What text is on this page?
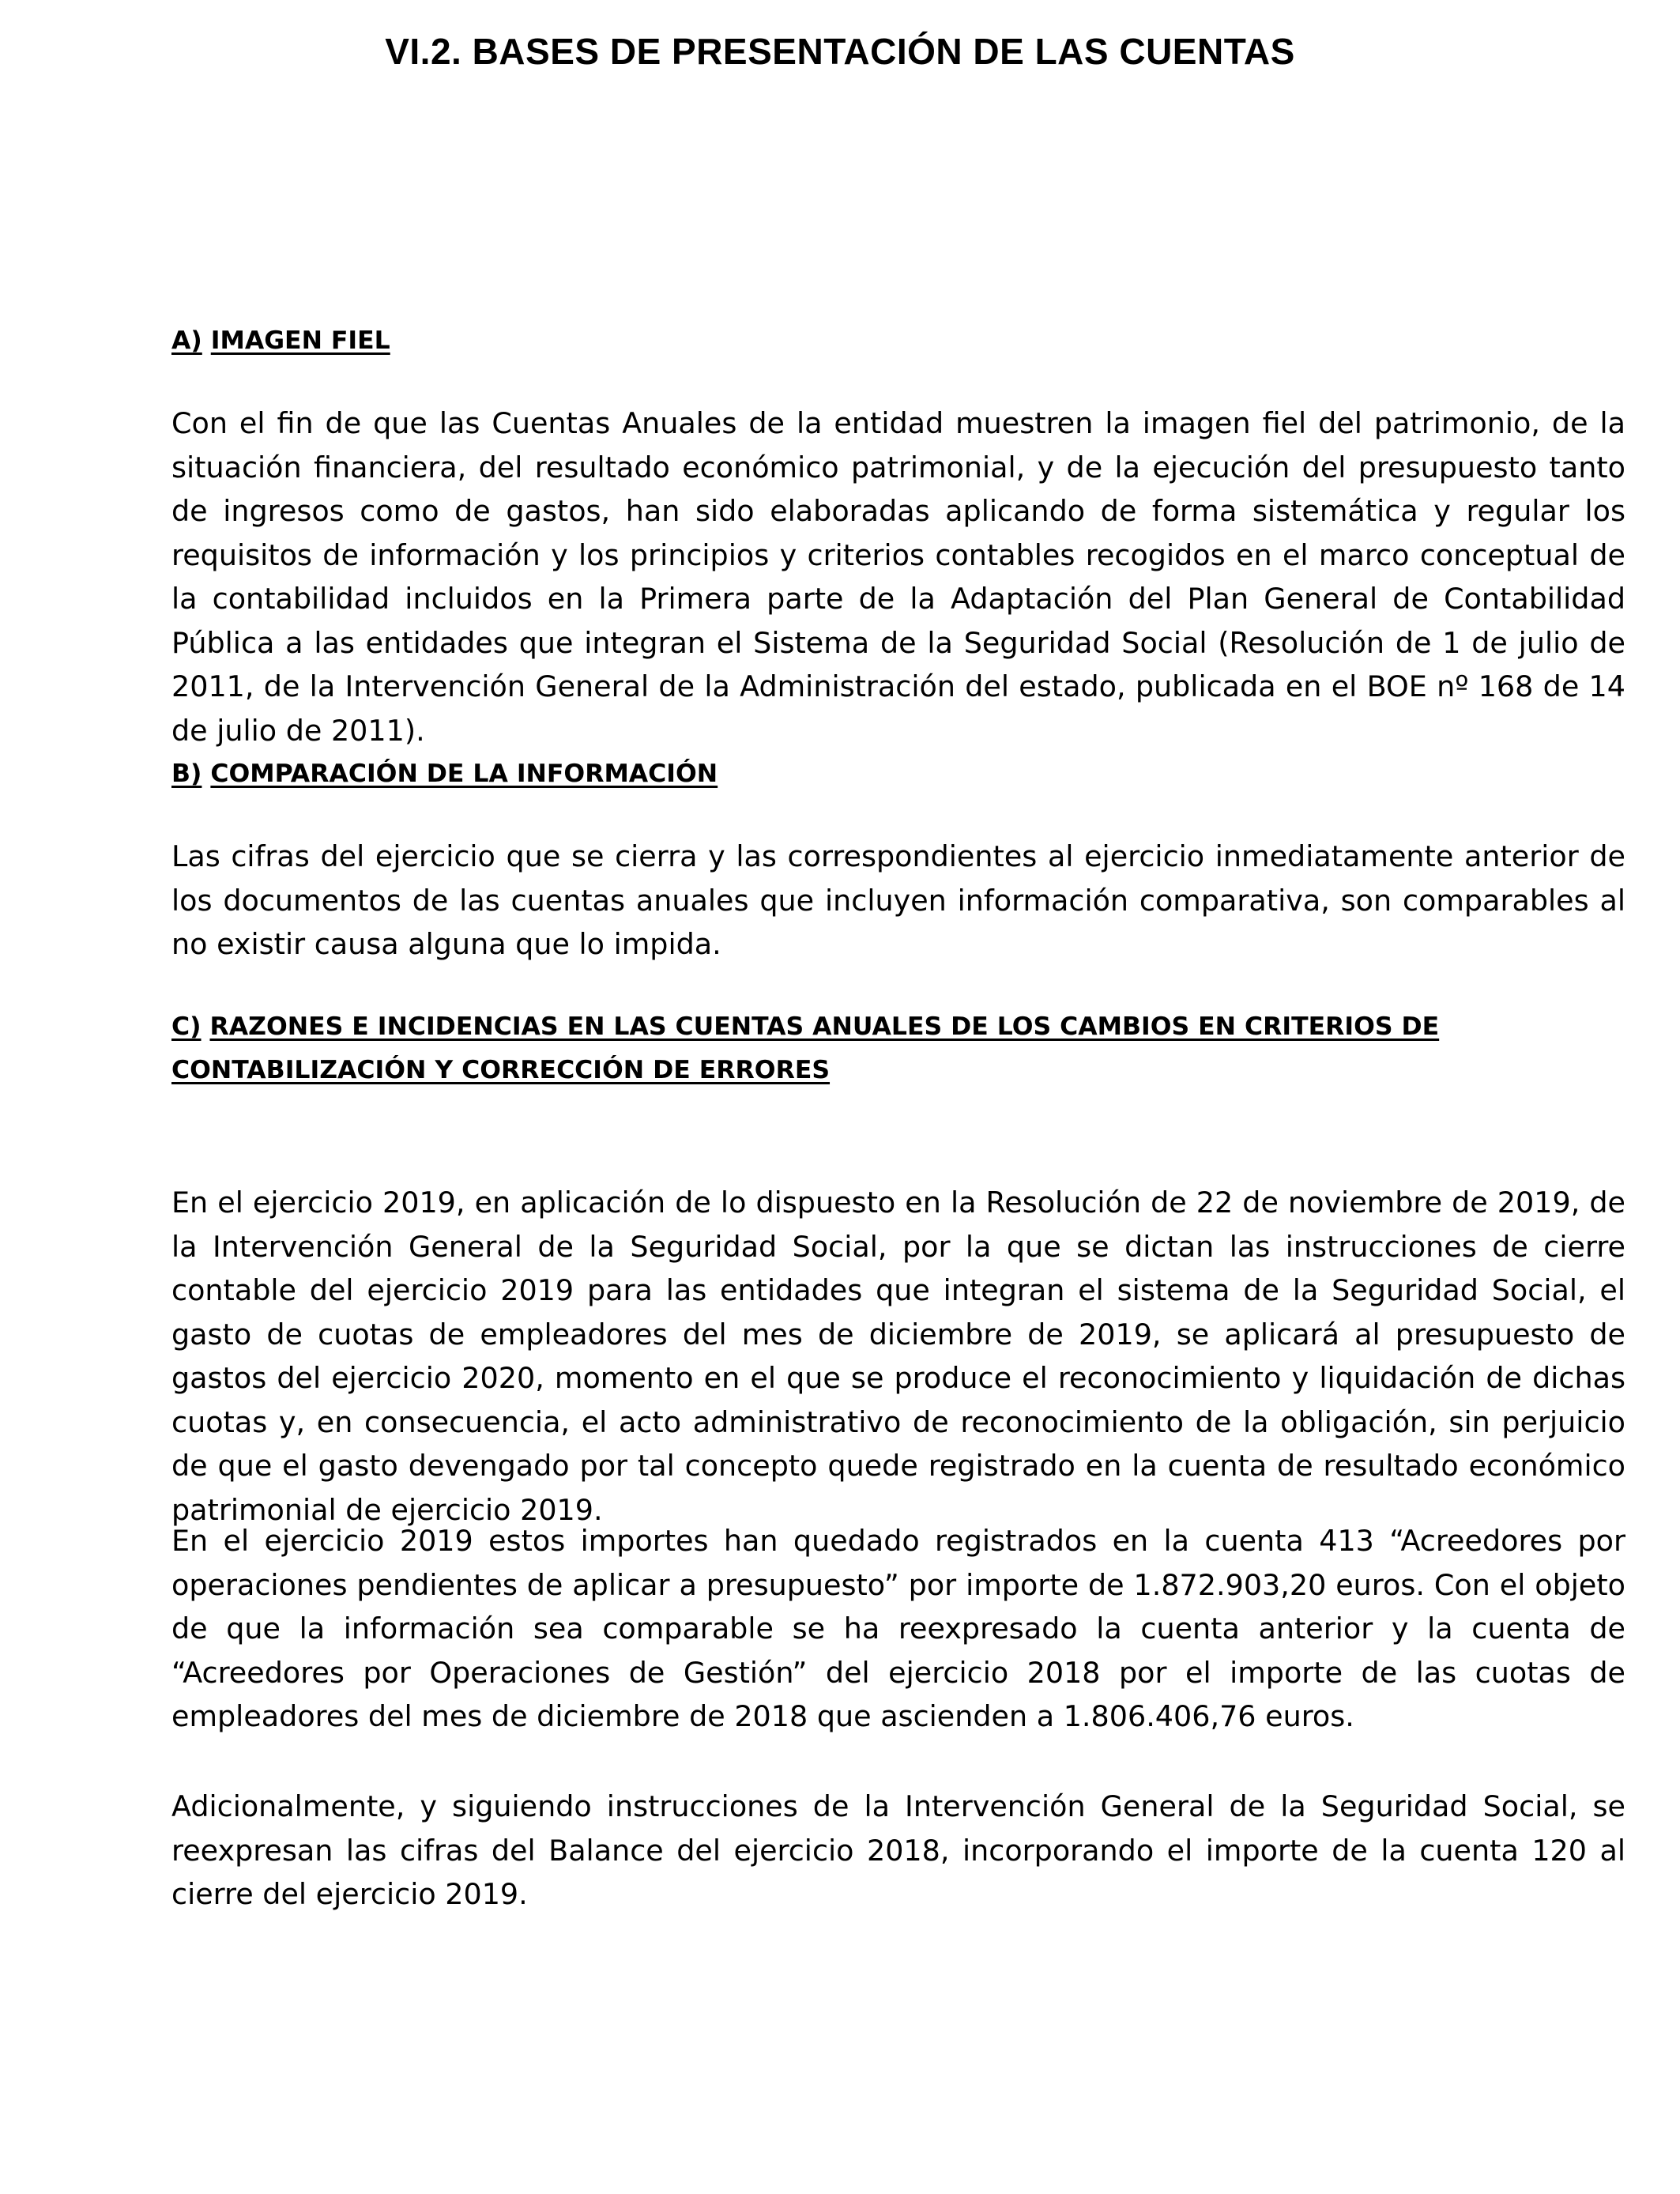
VI.2. BASES DE PRESENTACIÓN DE LAS CUENTAS
A) IMAGEN FIEL

Con el fin de que las Cuentas Anuales de la entidad muestren la imagen fiel del patrimonio, de la situación financiera, del resultado económico patrimonial, y de la ejecución del presupuesto tanto de ingresos como de gastos, han sido elaboradas aplicando de forma sistemática y regular los requisitos de información y los principios y criterios contables recogidos en el marco conceptual de la contabilidad incluidos en la Primera parte de la Adaptación del Plan General de Contabilidad Pública a las entidades que integran el Sistema de la Seguridad Social (Resolución de 1 de julio de 2011, de la Intervención General de la Administración del estado, publicada en el BOE nº 168 de 14 de julio de 2011).

B) COMPARACIÓN DE LA INFORMACIÓN

Las cifras del ejercicio que se cierra y las correspondientes al ejercicio inmediatamente anterior de los documentos de las cuentas anuales que incluyen información comparativa, son comparables al no existir causa alguna que lo impida.

C) RAZONES E INCIDENCIAS EN LAS CUENTAS ANUALES DE LOS CAMBIOS EN CRITERIOS DE CONTABILIZACIÓN Y CORRECCIÓN DE ERRORES

En el ejercicio 2019, en aplicación de lo dispuesto en la Resolución de 22 de noviembre de 2019, de la Intervención General de la Seguridad Social, por la que se dictan las instrucciones de cierre contable del ejercicio 2019 para las entidades que integran el sistema de la Seguridad Social, el gasto de cuotas de empleadores del mes de diciembre de 2019, se aplicará al presupuesto de gastos del ejercicio 2020, momento en el que se produce el reconocimiento y liquidación de dichas cuotas y, en consecuencia, el acto administrativo de reconocimiento de la obligación, sin perjuicio de que el gasto devengado por tal concepto quede registrado en la cuenta de resultado económico patrimonial de ejercicio 2019.

En el ejercicio 2019 estos importes han quedado registrados en la cuenta 413 “Acreedores por operaciones pendientes de aplicar a presupuesto” por importe de 1.872.903,20 euros. Con el objeto de que la información sea comparable se ha reexpresado la cuenta anterior y la cuenta de “Acreedores por Operaciones de Gestión” del ejercicio 2018 por el importe de las cuotas de empleadores del mes de diciembre de 2018 que ascienden a 1.806.406,76 euros.

Adicionalmente, y siguiendo instrucciones de la Intervención General de la Seguridad Social, se reexpresan las cifras del Balance del ejercicio 2018, incorporando el importe de la cuenta 120 al cierre del ejercicio 2019.
